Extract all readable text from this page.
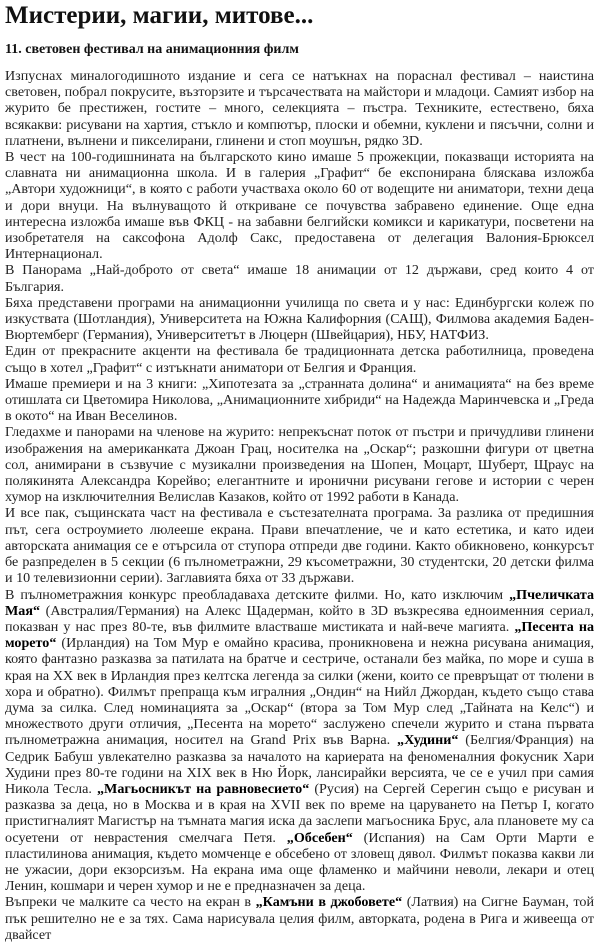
Мистерии, магии, митове...
11. световен фестивал на анимационния филм

Изпуснах миналогодишното издание и сега се натъкнах на пораснал фестивал – наистина световен, побрал покрусите, възторзите и търсачествата на майстори и младоци. Самият избор на журито бе престижен, гостите – много, селекцията – пъстра. Техниките, естествено, бяха всякакви: рисувани на хартия, стъкло и компютър, плоски и обемни, куклени и пясъчни, солни и платнени, вълнени и пикселирани, глинени и стоп моушън, рядко 3D.

В чест на 100-годишнината на българското кино имаше 5 прожекции, показващи историята на славната ни анимационна школа. И в галерия „Графит“ бе експонирана бляскава изложба „Автори художници“, в която с работи участваха около 60 от водещите ни аниматори, техни деца и дори внуци. На вълнуващото й откриване се почувства забравено единение. Още една интересна изложба имаше във ФКЦ - на забавни белгийски комикси и карикатури, посветени на изобретателя на саксофона Адолф Сакс, предоставена от делегация Валония-Брюксел Интернационал.

В Панорама „Най-доброто от света“ имаше 18 анимации от 12 държави, сред които 4 от България.

Бяха представени програми на анимационни училища по света и у нас: Единбургски колеж по изкуствата (Шотландия), Университета на Южна Калифорния (САЩ), Филмова академия Баден-Вюртемберг (Германия), Университетът в Люцерн (Швейцария), НБУ, НАТФИЗ.

Един от прекрасните акценти на фестивала бе традиционната детска работилница, проведена също в хотел „Графит“ с изтъкнати аниматори от Белгия и Франция.

Имаше премиери и на 3 книги: „Хипотезата за „странната долина“ и анимацията“ на без време отишлата си Цветомира Николова, „Анимационните хибриди“ на Надежда Маринчевска и „Греда в окото“ на Иван Веселинов.

Гледахме и панорами на членове на журито: непрекъснат поток от пъстри и причудливи глинени изображения на американката Джоан Грац, носителка на „Оскар“; разкошни фигури от цветна сол, анимирани в съзвучие с музикални произведения на Шопен, Моцарт, Шуберт, Щраус на полякинята Александра Корейво; елегантните и иронични рисувани гегове и истории с черен хумор на изключителния Велислав Казаков, който от 1992 работи в Канада.

И все пак, същинската част на фестивала е състезателната програма. За разлика от предишния път, сега остроумието люлееше екрана. Прави впечатление, че и като естетика, и като идеи авторската анимация се е отърсила от ступора отпреди две години. Както обикновено, конкурсът бе разпределен в 5 секции (6 пълнометражни, 29 късометражни, 30 студентски, 20 детски филма и 10 телевизионни серии). Заглавията бяха от 33 държави.

В пълнометражния конкурс преобладаваха детските филми. Но, като изключим „Пчеличката Мая“ (Австралия/Германия) на Алекс Щадерман, който в 3D възкресява едноименния сериал, показван у нас през 80-те, във филмите властваше мистиката и най-вече магията. „Песента на морето“ (Ирландия) на Том Мур е омайно красива, проникновена и нежна рисувана анимация, която фантазно разказва за патилата на братче и сестриче, останали без майка, по море и суша в края на XX век в Ирландия през келтска легенда за силки (жени, които се превръщат от тюлени в хора и обратно). Филмът препраща към игралния „Ондин“ на Нийл Джордан, където също става дума за силка. След номинацията за „Оскар“ (втора за Том Мур след „Тайната на Келс“) и множеството други отличия, „Песента на морето“ заслужено спечели журито и стана първата пълнометражна анимация, носител на Grand Prix във Варна. „Худини“ (Белгия/Франция) на Седрик Бабуш увлекателно разказва за началото на кариерата на феноменалния фокусник Хари Худини през 80-те години на XIX век в Ню Йорк, лансирайки версията, че се е учил при самия Никола Тесла. „Магьосникът на равновесието“ (Русия) на Сергей Серегин също е рисуван и разказва за деца, но в Москва и в края на XVII век по време на царуването на Петър I, когато пристигналият Магистър на тъмната магия иска да заслепи магьосника Брус, ала плановете му са осуетени от неврастения смелчага Петя. „Обсебен“ (Испания) на Сам Орти Марти е пластилинова анимация, където момченце е обсебено от зловещ дявол. Филмът показва какви ли не ужасии, дори екзорсизъм. На екрана има още фламенко и майчини неволи, лекари и отец Ленин, кошмари и черен хумор и не е предназначен за деца.

Въпреки че малките са често на екран в „Камъни в джобовете“ (Латвия) на Сигне Бауман, той пък решително не е за тях. Сама нарисувала целия филм, авторката, родена в Рига и живееща от двайсет
